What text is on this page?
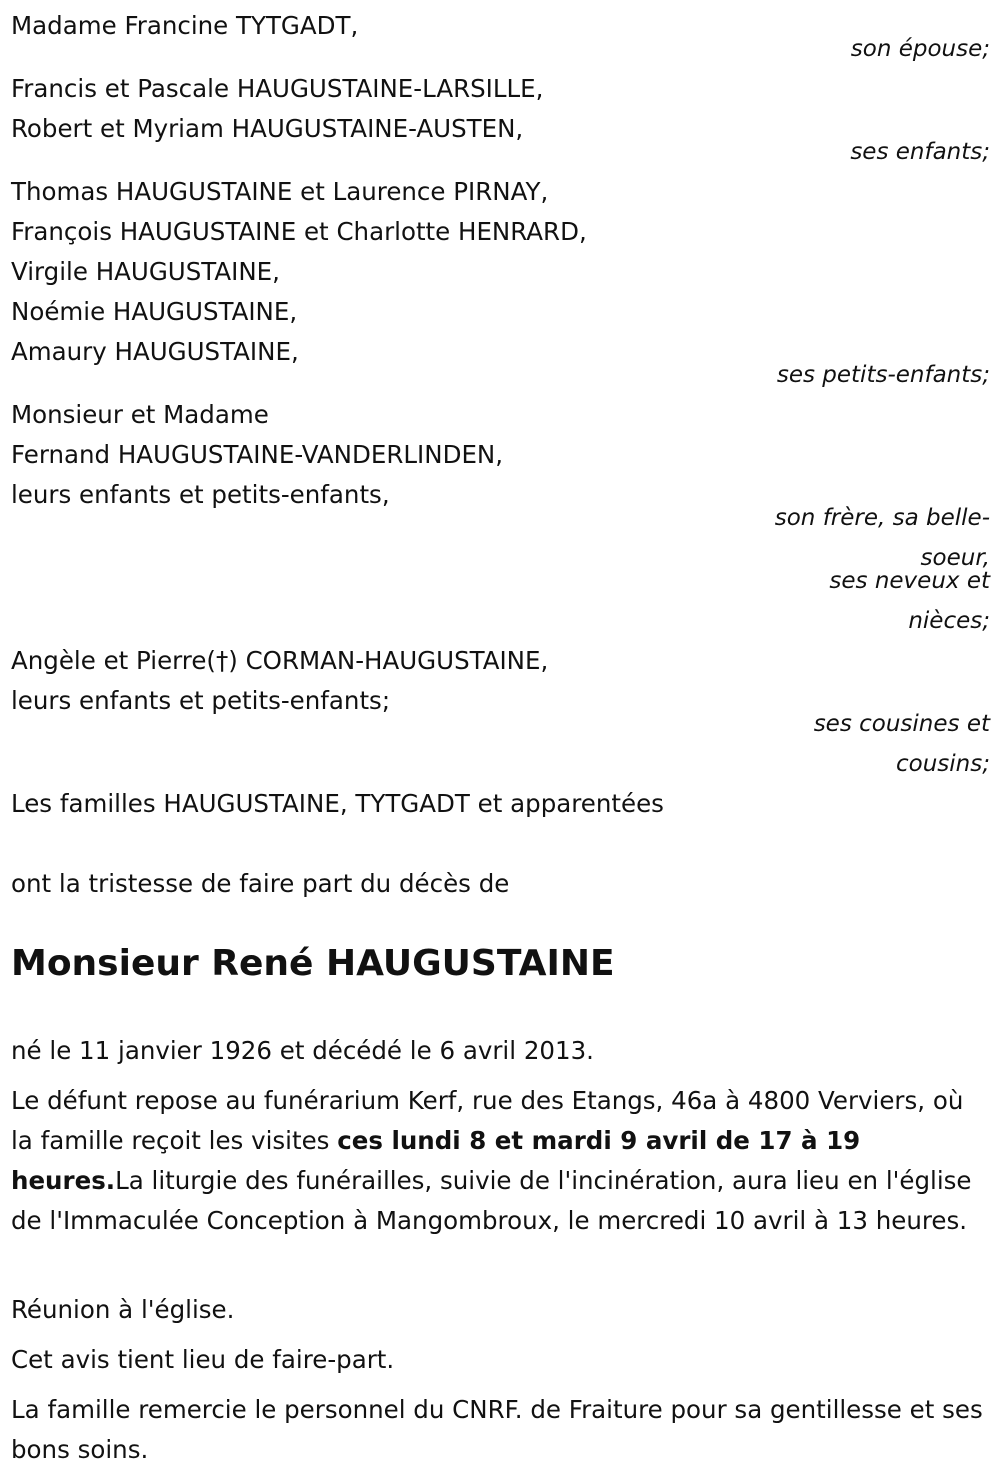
Madame Francine TYTGADT,
son épouse;
Francis et Pascale HAUGUSTAINE-LARSILLE,
Robert et Myriam HAUGUSTAINE-AUSTEN,
ses enfants;
Thomas HAUGUSTAINE et Laurence PIRNAY,
François HAUGUSTAINE et Charlotte HENRARD,
Virgile HAUGUSTAINE,
Noémie HAUGUSTAINE,
Amaury HAUGUSTAINE,
ses petits-enfants;
Monsieur et Madame
Fernand HAUGUSTAINE-VANDERLINDEN,
leurs enfants et petits-enfants,
son frère, sa belle-
soeur,
ses neveux et
nièces;
Angèle et Pierre(†) CORMAN-HAUGUSTAINE,
leurs enfants et petits-enfants;
ses cousines et
cousins;
Les familles HAUGUSTAINE, TYTGADT et apparentées
ont la tristesse de faire part du décès de
Monsieur René HAUGUSTAINE
né le 11 janvier 1926 et décédé le 6 avril 2013.
Le défunt repose au funérarium Kerf, rue des Etangs, 46a à 4800 Verviers, où la famille reçoit les visites ces lundi 8 et mardi 9 avril de 17 à 19 heures.La liturgie des funérailles, suivie de l'incinération, aura lieu en l'église de l'Immaculée Conception à Mangombroux, le mercredi 10 avril à 13 heures.
Réunion à l'église.
Cet avis tient lieu de faire-part.
La famille remercie le personnel du CNRF. de Fraiture pour sa gentillesse et ses bons soins.
